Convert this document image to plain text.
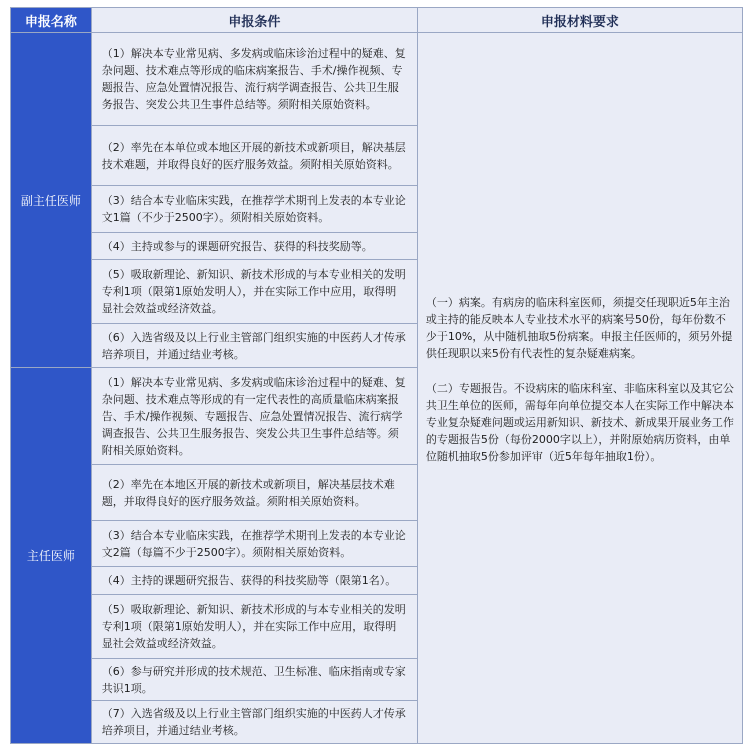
申报名称	申报条件	申报材料要求
副主任医师	（1）解决本专业常见病、多发病或临床诊治过程中的疑难、复杂问题、技术难点等形成的临床病案报告、手术/操作视频、专题报告、应急处置情况报告、流行病学调查报告、公共卫生服务报告、突发公共卫生事件总结等。须附相关原始资料。	（一）病案。有病房的临床科室医师，须提交任现职近5年主治或主持的能反映本人专业技术水平的病案号50份，每年份数不少于10%，从中随机抽取5份病案。申报主任医师的，须另外提供任现职以来5份有代表性的复杂疑难病案。

（二）专题报告。不设病床的临床科室、非临床科室以及其它公共卫生单位的医师，需每年向单位提交本人在实际工作中解决本专业复杂疑难问题或运用新知识、新技术、新成果开展业务工作的专题报告5份（每份2000字以上），并附原始病历资料，由单位随机抽取5份参加评审（近5年每年抽取1份）。

	（2）率先在本单位或本地区开展的新技术或新项目，解决基层技术难题，并取得良好的医疗服务效益。须附相关原始资料。	
	（3）结合本专业临床实践，在推荐学术期刊上发表的本专业论文1篇（不少于2500字）。须附相关原始资料。	
	（4）主持或参与的课题研究报告、获得的科技奖励等。	
	（5）吸取新理论、新知识、新技术形成的与本专业相关的发明专利1项（限第1原始发明人），并在实际工作中应用，取得明显社会效益或经济效益。	
	（6）入选省级及以上行业主管部门组织实施的中医药人才传承培养项目，并通过结业考核。	
主任医师	（1）解决本专业常见病、多发病或临床诊治过程中的疑难、复杂问题、技术难点等形成的有一定代表性的高质量临床病案报告、手术/操作视频、专题报告、应急处置情况报告、流行病学调查报告、公共卫生服务报告、突发公共卫生事件总结等。须附相关原始资料。	
	（2）率先在本地区开展的新技术或新项目，解决基层技术难题，并取得良好的医疗服务效益。须附相关原始资料。	
	（3）结合本专业临床实践，在推荐学术期刊上发表的本专业论文2篇（每篇不少于2500字）。须附相关原始资料。	
	（4）主持的课题研究报告、获得的科技奖励等（限第1名）。	
	（5）吸取新理论、新知识、新技术形成的与本专业相关的发明专利1项（限第1原始发明人），并在实际工作中应用，取得明显社会效益或经济效益。	
	（6）参与研究并形成的技术规范、卫生标准、临床指南或专家共识1项。	
	（7）入选省级及以上行业主管部门组织实施的中医药人才传承培养项目，并通过结业考核。	
